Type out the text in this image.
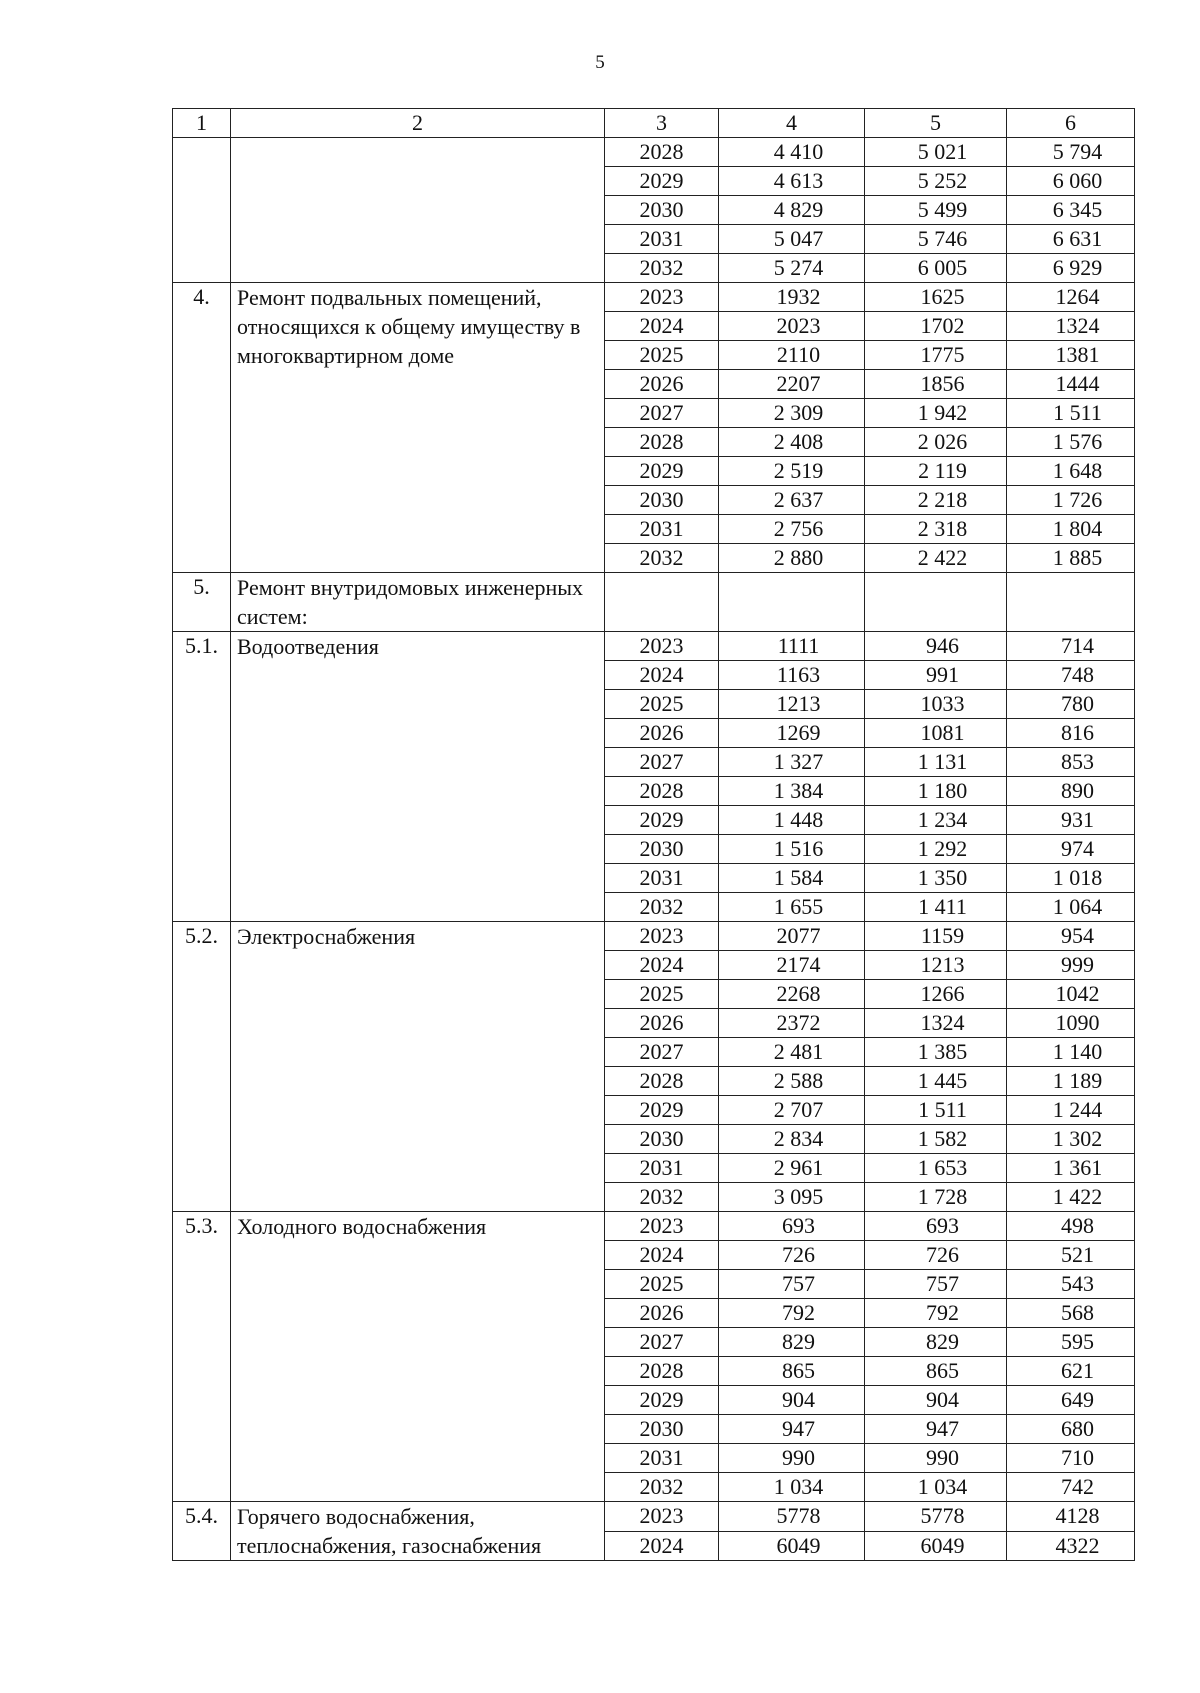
5
1	2	3	4	5	6
		2028	4 410	5 021	5 794
		2029	4 613	5 252	6 060
		2030	4 829	5 499	6 345
		2031	5 047	5 746	6 631
		2032	5 274	6 005	6 929
4.	Ремонт подвальных помещений, относящихся к общему имуществу в многоквартирном доме	2023	1932	1625	1264
		2024	2023	1702	1324
		2025	2110	1775	1381
		2026	2207	1856	1444
		2027	2 309	1 942	1 511
		2028	2 408	2 026	1 576
		2029	2 519	2 119	1 648
		2030	2 637	2 218	1 726
		2031	2 756	2 318	1 804
		2032	2 880	2 422	1 885
5.	Ремонт внутридомовых инженерных систем:				
5.1.	Водоотведения	2023	1111	946	714
		2024	1163	991	748
		2025	1213	1033	780
		2026	1269	1081	816
		2027	1 327	1 131	853
		2028	1 384	1 180	890
		2029	1 448	1 234	931
		2030	1 516	1 292	974
		2031	1 584	1 350	1 018
		2032	1 655	1 411	1 064
5.2.	Электроснабжения	2023	2077	1159	954
		2024	2174	1213	999
		2025	2268	1266	1042
		2026	2372	1324	1090
		2027	2 481	1 385	1 140
		2028	2 588	1 445	1 189
		2029	2 707	1 511	1 244
		2030	2 834	1 582	1 302
		2031	2 961	1 653	1 361
		2032	3 095	1 728	1 422
5.3.	Холодного водоснабжения	2023	693	693	498
		2024	726	726	521
		2025	757	757	543
		2026	792	792	568
		2027	829	829	595
		2028	865	865	621
		2029	904	904	649
		2030	947	947	680
		2031	990	990	710
		2032	1 034	1 034	742
5.4.	Горячего водоснабжения, теплоснабжения, газоснабжения	2023	5778	5778	4128
		2024	6049	6049	4322
